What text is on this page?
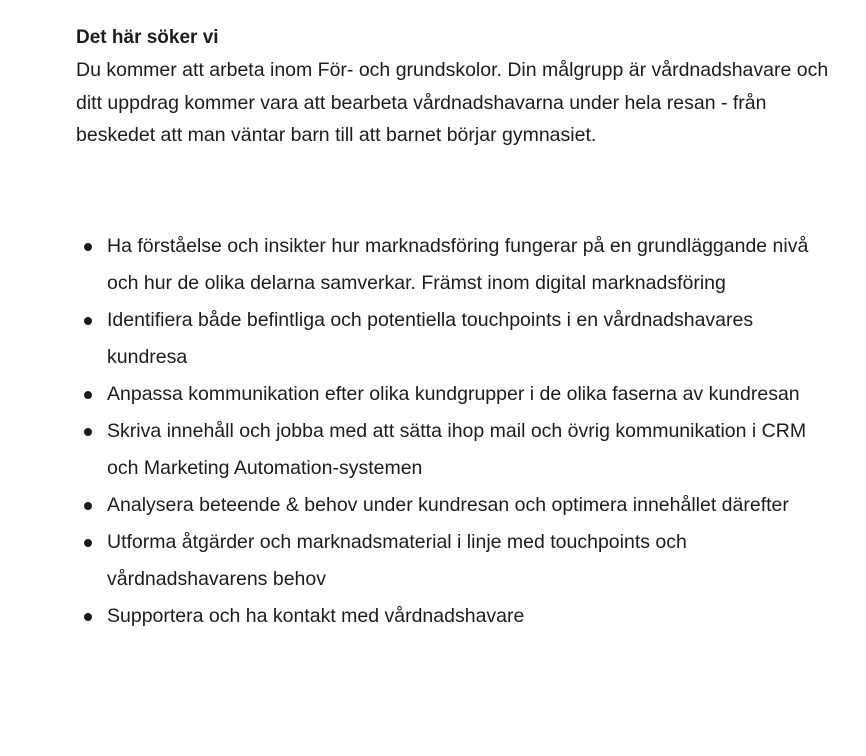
Det här söker vi

Du kommer att arbeta inom För- och grundskolor. Din målgrupp är vårdnadshavare och ditt uppdrag kommer vara att bearbeta vårdnadshavarna under hela resan - från beskedet att man väntar barn till att barnet börjar gymnasiet.

Ha förståelse och insikter hur marknadsföring fungerar på en grundläggande nivå och hur de olika delarna samverkar. Främst inom digital marknadsföring
Identifiera både befintliga och potentiella touchpoints i en vårdnadshavares kundresa
Anpassa kommunikation efter olika kundgrupper i de olika faserna av kundresan
Skriva innehåll och jobba med att sätta ihop mail och övrig kommunikation i CRM och Marketing Automation-systemen
Analysera beteende & behov under kundresan och optimera innehållet därefter
Utforma åtgärder och marknadsmaterial i linje med touchpoints och vårdnadshavarens behov
Supportera och ha kontakt med vårdnadshavare
